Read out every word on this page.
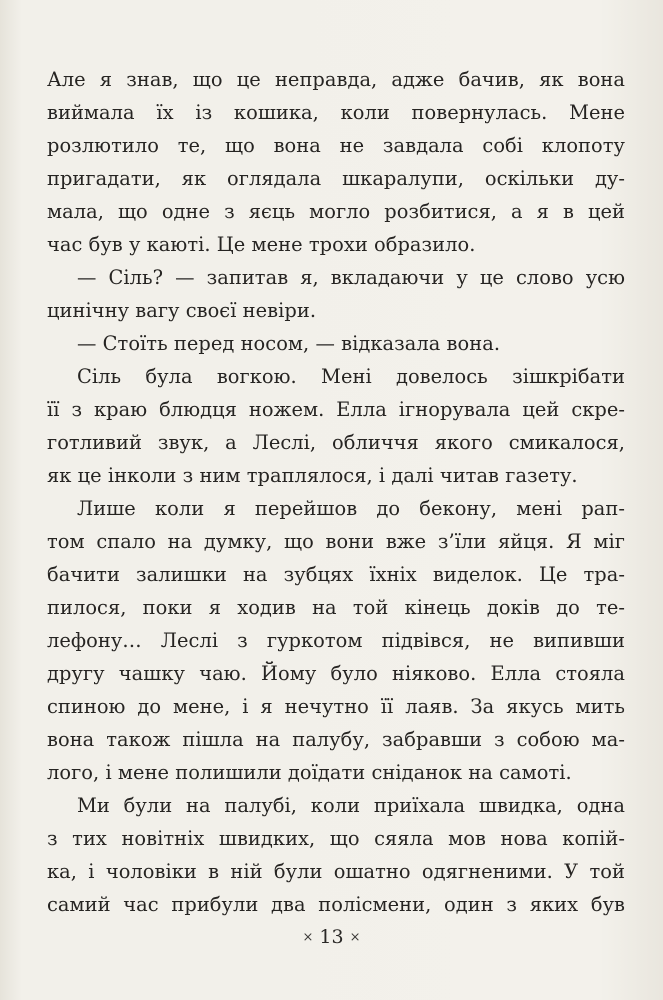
Але я знав, що це неправда, адже бачив, як вона
виймала їх із кошика, коли повернулась. Мене
розлютило те, що вона не завдала собі клопоту
пригадати, як оглядала шкаралупи, оскільки ду-
мала, що одне з яєць могло розбитися, а я в цей
час був у каюті. Це мене трохи образило.
— Сіль? — запитав я, вкладаючи у це слово усю
цинічну вагу своєї невіри.
— Стоїть перед носом, — відказала вона.
Сіль була вогкою. Мені довелось зішкрібати
її з краю блюдця ножем. Елла ігнорувала цей скре-
готливий звук, а Леслі, обличчя якого смикалося,
як це інколи з ним траплялося, і далі читав газету.
Лише коли я перейшов до бекону, мені рап-
том спало на думку, що вони вже з’їли яйця. Я міг
бачити залишки на зубцях їхніх виделок. Це тра-
пилося, поки я ходив на той кінець доків до те-
лефону… Леслі з гуркотом підвівся, не випивши
другу чашку чаю. Йому було ніяково. Елла стояла
спиною до мене, і я нечутно її лаяв. За якусь мить
вона також пішла на палубу, забравши з собою ма-
лого, і мене полишили доїдати сніданок на самоті.
Ми були на палубі, коли приїхала швидка, одна
з тих новітніх швидких, що сяяла мов нова копій-
ка, і чоловіки в ній були ошатно одягненими. У той
самий час прибули два полісмени, один з яких був
× 13 ×
